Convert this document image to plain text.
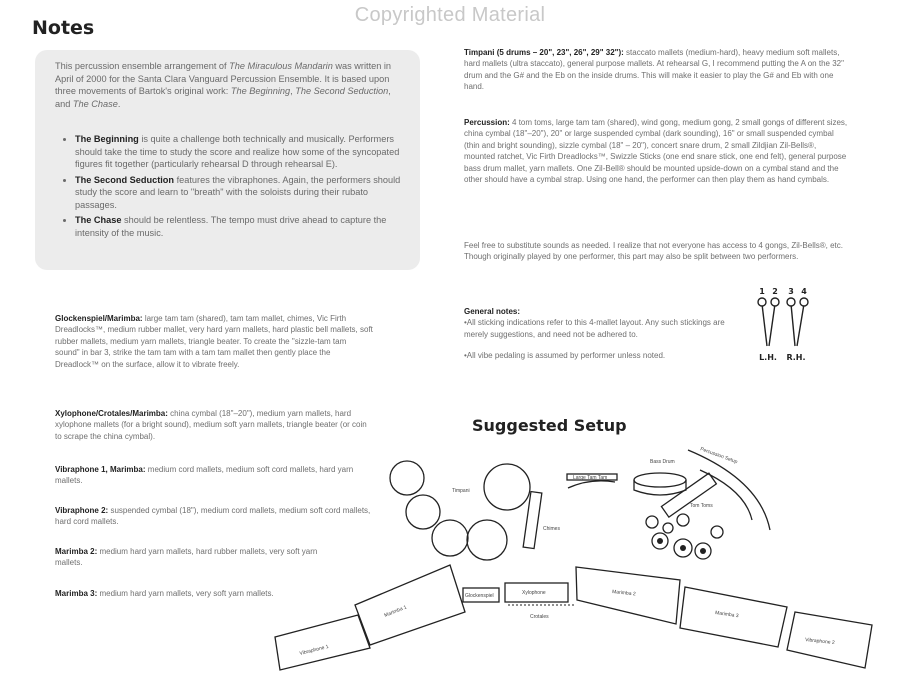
Copyrighted Material
Notes
This percussion ensemble arrangement of The Miraculous Mandarin was written in April of 2000 for the Santa Clara Vanguard Percussion Ensemble. It is based upon three movements of Bartok's original work: The Beginning, The Second Seduction, and The Chase.
• The Beginning is quite a challenge both technically and musically. Performers should take the time to study the score and realize how some of the syncopated figures fit together (particularly rehearsal D through rehearsal E).
• The Second Seduction features the vibraphones. Again, the performers should study the score and learn to "breath" with the soloists during their rubato passages.
• The Chase should be relentless. The tempo must drive ahead to capture the intensity of the music.
Glockenspiel/Marimba: large tam tam (shared), tam tam mallet, chimes, Vic Firth Dreadlocks™, medium rubber mallet, very hard yarn mallets, hard plastic bell mallets, soft rubber mallets, medium yarn mallets, triangle beater. To create the "sizzle-tam tam sound" in bar 3, strike the tam tam with a tam tam mallet then gently place the Dreadlock™ on the surface, allow it to vibrate freely.
Xylophone/Crotales/Marimba: china cymbal (18"–20"), medium yarn mallets, hard xylophone mallets (for a bright sound), medium soft yarn mallets, triangle beater (or coin to scrape the china cymbal).
Vibraphone 1, Marimba: medium cord mallets, medium soft cord mallets, hard yarn mallets.
Vibraphone 2: suspended cymbal (18"), medium cord mallets, medium soft cord mallets, hard cord mallets.
Marimba 2: medium hard yarn mallets, hard rubber mallets, very soft yarn mallets.
Marimba 3: medium hard yarn mallets, very soft yarn mallets.
Timpani (5 drums – 20", 23", 26", 29" 32"): staccato mallets (medium-hard), heavy medium soft mallets, hard mallets (ultra staccato), general purpose mallets. At rehearsal G, I recommend putting the A on the 32" drum and the G# and the Eb on the inside drums. This will make it easier to play the G# and Eb with one hand.
Percussion: 4 tom toms, large tam tam (shared), wind gong, medium gong, 2 small gongs of different sizes, china cymbal (18"–20"), 20" or large suspended cymbal (dark sounding), 16" or small suspended cymbal (thin and bright sounding), sizzle cymbal (18" – 20"), concert snare drum, 2 small Zildjian Zil-Bells®, mounted ratchet, Vic Firth Dreadlocks™, Swizzle Sticks (one end snare stick, one end felt), general purpose bass drum mallet, yarn mallets. One Zil-Bell® should be mounted upside-down on a cymbal stand and the other should have a cymbal strap. Using one hand, the performer can then play them as hand cymbals.
Feel free to substitute sounds as needed. I realize that not everyone has access to 4 gongs, Zil-Bells®, etc. Though originally played by one performer, this part may also be split between two performers.
General notes:
•All sticking indications refer to this 4-mallet layout. Any such stickings are merely suggestions, and need not be adhered to.
•All vibe pedaling is assumed by performer unless noted.
1 2 3 4
L.H. R.H.
Suggested Setup
Timpani
Chimes
Large Tam Tam
Bass Drum	Percussion Setup
Tom Toms
Marimba 1
Vibraphone 1
Glockenspiel	Xylophone
Crotales
Marimba 2
Marimba 3
Vibraphone 2
